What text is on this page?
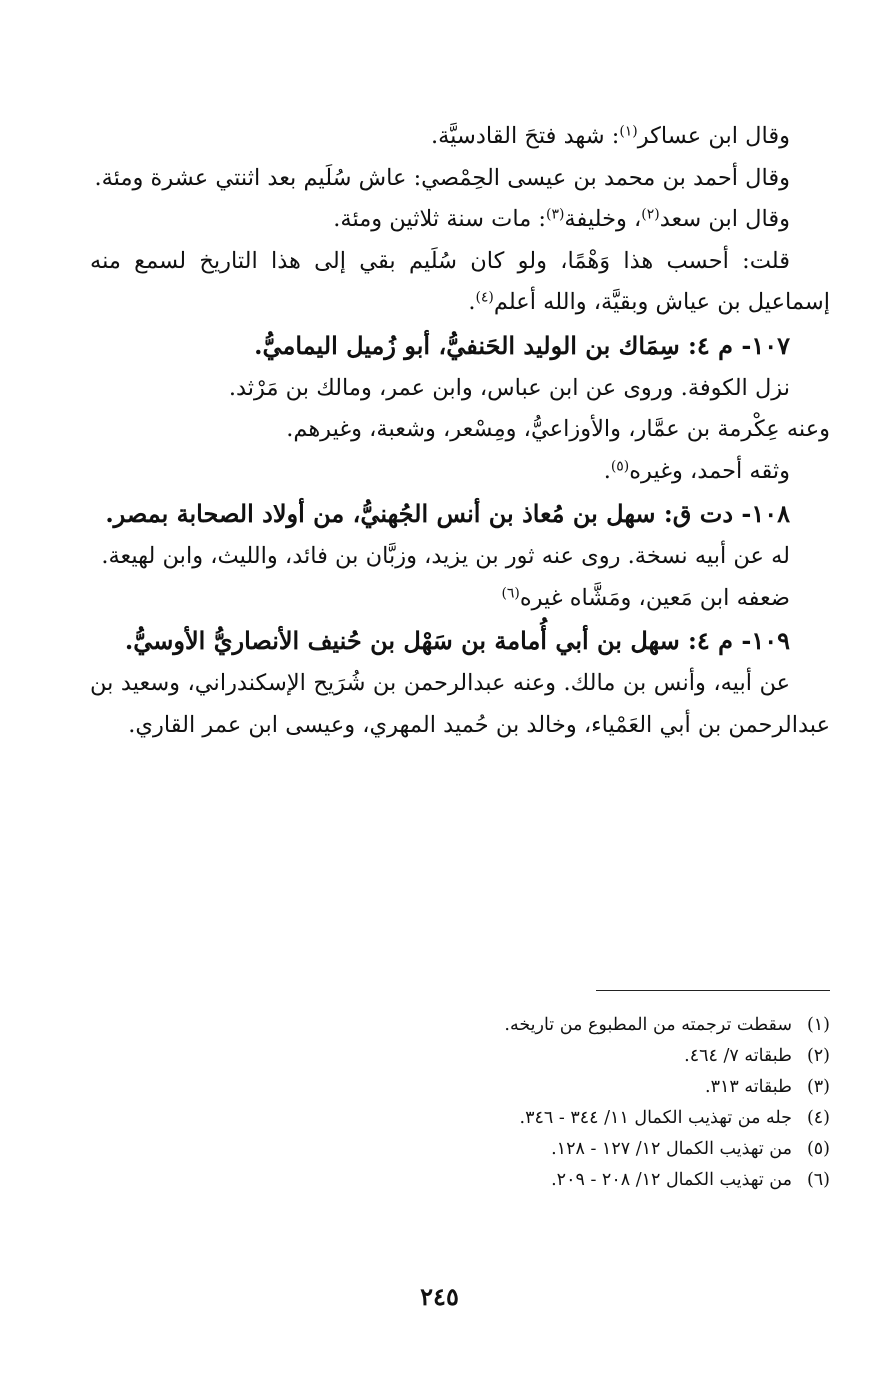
وقال ابن عساكر$^{(١)}$: شهد فتحَ القادسيَّة.

وقال أحمد بن محمد بن عيسى الحِمْصي: عاش سُلَيم بعد اثنتي عشرة ومئة.

وقال ابن سعد$^{(٢)}$، وخليفة$^{(٣)}$: مات سنة ثلاثين ومئة.

قلت: أحسب هذا وَهْمًا، ولو كان سُلَيم بقي إلى هذا التاريخ لسمع منه إسماعيل بن عياش وبقيَّة، والله أعلم$^{(٤)}$.

١٠٧- م ٤: سِمَاك بن الوليد الحَنفيُّ، أبو زُميل اليماميُّ.

نزل الكوفة. وروى عن ابن عباس، وابن عمر، ومالك بن مَرْثد.

وعنه عِكْرمة بن عمَّار، والأوزاعيُّ، ومِسْعر، وشعبة، وغيرهم.

وثقه أحمد، وغيره$^{(٥)}$.

١٠٨- دت ق: سهل بن مُعاذ بن أنس الجُهنيُّ، من أولاد الصحابة بمصر.

له عن أبيه نسخة. روى عنه ثور بن يزيد، وزبَّان بن فائد، والليث، وابن لهيعة.

ضعفه ابن مَعين، ومَشَّاه غيره$^{(٦)}$

١٠٩- م ٤: سهل بن أبي أُمامة بن سَهْل بن حُنيف الأنصاريُّ الأوسيُّ.

عن أبيه، وأنس بن مالك. وعنه عبدالرحمن بن شُرَيح الإسكندراني، وسعيد بن عبدالرحمن بن أبي العَمْياء، وخالد بن حُميد المهري، وعيسى ابن عمر القاري.

(١)
سقطت ترجمته من المطبوع من تاريخه.
(٢)
طبقاته ٧/ ٤٦٤.
(٣)
طبقاته ٣١٣.
(٤)
جله من تهذيب الكمال ١١/ ٣٤٤ - ٣٤٦.
(٥)
من تهذيب الكمال ١٢/ ١٢٧ - ١٢٨.
(٦)
من تهذيب الكمال ١٢/ ٢٠٨ - ٢٠٩.
٢٤٥
